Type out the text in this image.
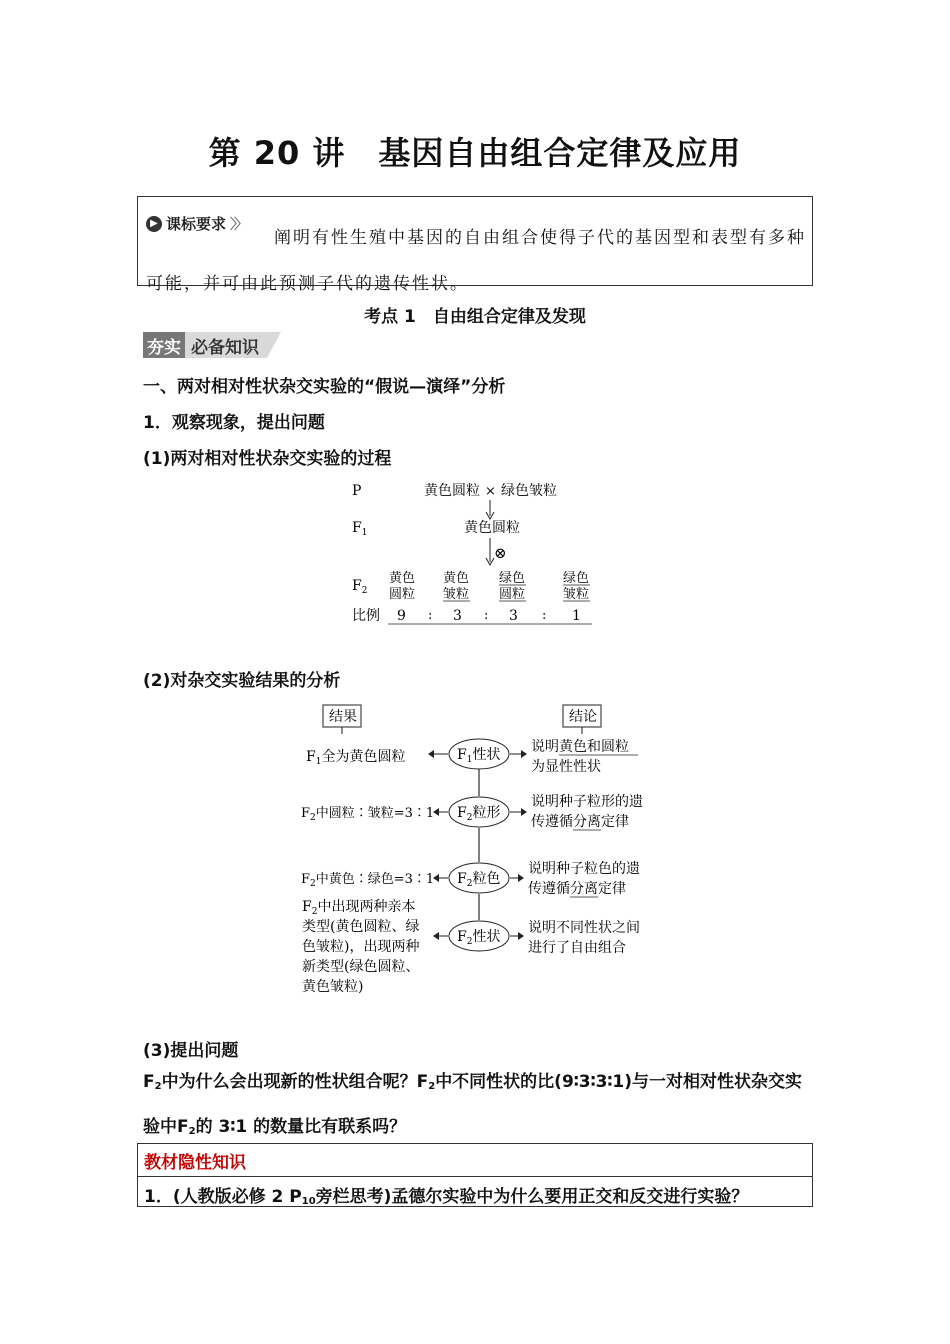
第 20 讲　基因自由组合定律及应用
阐明有性生殖中基因的自由组合使得子代的基因型和表型有多种可能，并可由此预测子代的遗传性状。
▶ 课标要求 〉〉
考点 1　自由组合定律及发现
夯实 必备知识
一、两对相对性状杂交实验的“假说—演绎”分析
1．观察现象，提出问题
(1)两对相对性状杂交实验的过程
P	黄色圆粒 × 绿色皱粒
$F_1$	黄色圆粒
⊗
$F_2$
黄色
圆粒
黄色
皱粒
绿色
圆粒
绿色
皱粒
比例 9 : 3 : 3 : 1
(2)对杂交实验结果的分析
结果	结论
$F_1$性状
$F_1$全为黄色圆粒
说明黄色和圆粒
为显性性状
$F_2$粒形
$F_2$中圆粒∶皱粒=3∶1
说明种子粒形的遗
传遵循分离定律
$F_2$粒色
$F_2$中黄色∶绿色=3∶1
说明种子粒色的遗
传遵循分离定律
$F_2$性状
$F_2$中出现两种亲本
类型(黄色圆粒、绿
色皱粒)，出现两种
新类型(绿色圆粒、
黄色皱粒)
说明不同性状之间
进行了自由组合
(3)提出问题
$F_2$中为什么会出现新的性状组合呢？$F_2$中不同性状的比(9∶3∶3∶1)与一对相对性状杂交实验中$F_2$的 3∶1 的数量比有联系吗？
教材隐性知识
1．(人教版必修 2 $P_{10}$旁栏思考)孟德尔实验中为什么要用正交和反交进行实验？
